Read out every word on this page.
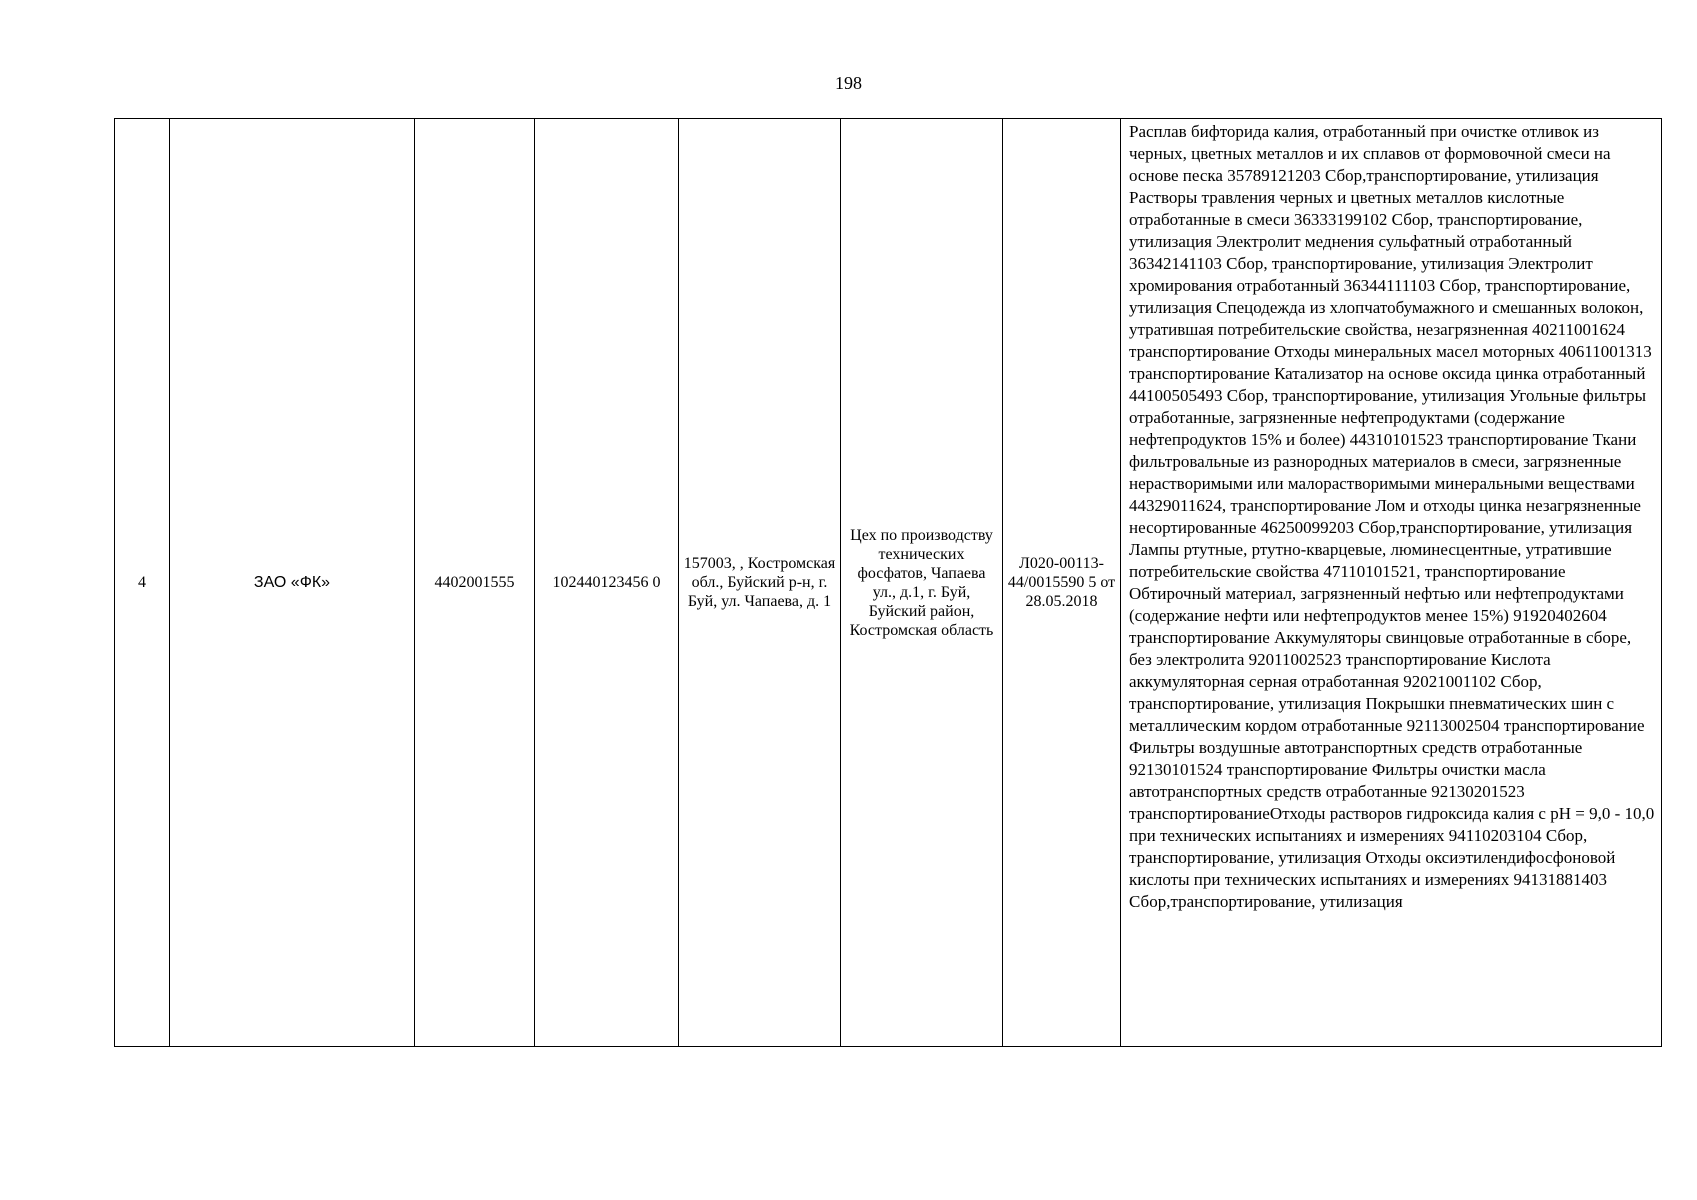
198
4	ЗАО «ФК»	4402001555	102440123456 0	157003, , Костромская обл., Буйский р-н, г. Буй, ул. Чапаева, д. 1	Цех по производству технических фосфатов, Чапаева ул., д.1, г. Буй, Буйский район, Костромская область	Л020-00113-44/0015590 5 от 28.05.2018	Расплав бифторида калия, отработанный при очистке отливок из черных, цветных металлов и их сплавов от формовочной смеси на основе песка 35789121203 Сбор,транспортирование, утилизация Растворы травления черных и цветных металлов кислотные отработанные в смеси 36333199102 Сбор, транспортирование, утилизация Электролит меднения сульфатный отработанный 36342141103 Сбор, транспортирование, утилизация Электролит хромирования отработанный 36344111103 Сбор, транспортирование, утилизация Спецодежда из хлопчатобумажного и смешанных волокон, утратившая потребительские свойства, незагрязненная 40211001624 транспортирование Отходы минеральных масел моторных 40611001313 транспортирование Катализатор на основе оксида цинка отработанный 44100505493 Сбор, транспортирование, утилизация Угольные фильтры отработанные, загрязненные нефтепродуктами (содержание нефтепродуктов 15% и более) 44310101523 транспортирование Ткани фильтровальные из разнородных материалов в смеси, загрязненные нерастворимыми или малорастворимыми минеральными веществами 44329011624, транспортирование Лом и отходы цинка незагрязненные несортированные 46250099203 Сбор,транспортирование, утилизация Лампы ртутные, ртутно-кварцевые, люминесцентные, утратившие потребительские свойства 47110101521, транспортирование Обтирочный материал, загрязненный нефтью или нефтепродуктами (содержание нефти или нефтепродуктов менее 15%) 91920402604 транспортирование Аккумуляторы свинцовые отработанные в сборе, без электролита 92011002523 транспортирование Кислота аккумуляторная серная отработанная 92021001102 Сбор, транспортирование, утилизация Покрышки пневматических шин с металлическим кордом отработанные 92113002504 транспортирование Фильтры воздушные автотранспортных средств отработанные 92130101524 транспортирование Фильтры очистки масла автотранспортных средств отработанные 92130201523 транспортированиеОтходы растворов гидроксида калия с pH = 9,0 - 10,0 при технических испытаниях и измерениях 94110203104 Сбор, транспортирование, утилизация Отходы оксиэтилендифосфоновой кислоты при технических испытаниях и измерениях 94131881403 Сбор,транспортирование, утилизация
